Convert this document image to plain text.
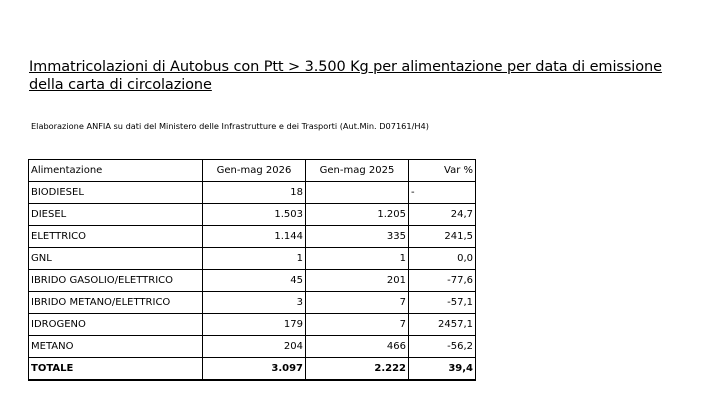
Immatricolazioni di Autobus con Ptt > 3.500 Kg per alimentazione per data di emissione della carta di circolazione
Elaborazione ANFIA su dati del Ministero delle Infrastrutture e dei Trasporti (Aut.Min. D07161/H4)
Alimentazione	Gen-mag 2026	Gen-mag 2025	Var %
BIODIESEL	18		-
DIESEL	1.503	1.205	24,7
ELETTRICO	1.144	335	241,5
GNL	1	1	0,0
IBRIDO GASOLIO/ELETTRICO	45	201	-77,6
IBRIDO METANO/ELETTRICO	3	7	-57,1
IDROGENO	179	7	2457,1
METANO	204	466	-56,2
TOTALE	3.097	2.222	39,4
